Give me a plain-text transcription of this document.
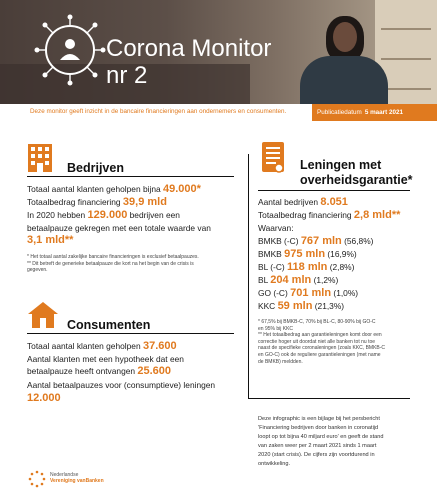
Corona Monitor
nr 2
Deze monitor geeft inzicht in de bancaire financieringen aan ondernemers en consumenten.	Publicatiedatum 5 maart 2021
Bedrijven
Totaal aantal klanten geholpen bijna 49.000*
Totaalbedrag financiering 39,9 mld
In 2020 hebben 129.000 bedrijven een
betaalpauze gekregen met een totale waarde van
3,1 mld**
* Het totaal aantal zakelijke bancaire financieringen is exclusief betaalpauzes.
** Dit betreft de generieke betaalpauze die kort na het begin van de crisis is
gegeven.
Consumenten
Totaal aantal klanten geholpen 37.600
Aantal klanten met een hypotheek dat een
betaalpauze heeft ontvangen 25.600
Aantal betaalpauzes voor (consumptieve) leningen
12.000
Leningen met
overheidsgarantie*
Aantal bedrijven 8.051
Totaalbedrag financiering 2,8 mld**
Waarvan:
BMKB (-C) 767 mln (56,8%)
BMKB 975 mln (16,9%)
BL (-C) 118 mln (2,8%)
BL 204 mln (1,2%)
GO (-C) 701 mln (1,0%)
KKC 59 mln (21,3%)
* 67,5% bij BMKB-C, 70% bij BL-C, 80-90% bij GO-C
en 95% bij KKC
** Het totaalbedrag aan garantieleningen komt door een
correctie hoger uit doordat niet alle banken tot nu toe
naast de specifieke coronaleningen (zoals KKC, BMKB-C
en GO-C) ook de reguliere garantieleningen (met name
de BMKB) meldden.
Deze infographic is een bijlage bij het persbericht
'Financiering bedrijven door banken in coronatijd
loopt op tot bijna 40 miljard euro' en geeft de stand
van zaken weer per 2 maart 2021 sinds 1 maart
2020 (start crisis). De cijfers zijn voortdurend in
ontwikkeling.
Nederlandse
Vereniging vanBanken
